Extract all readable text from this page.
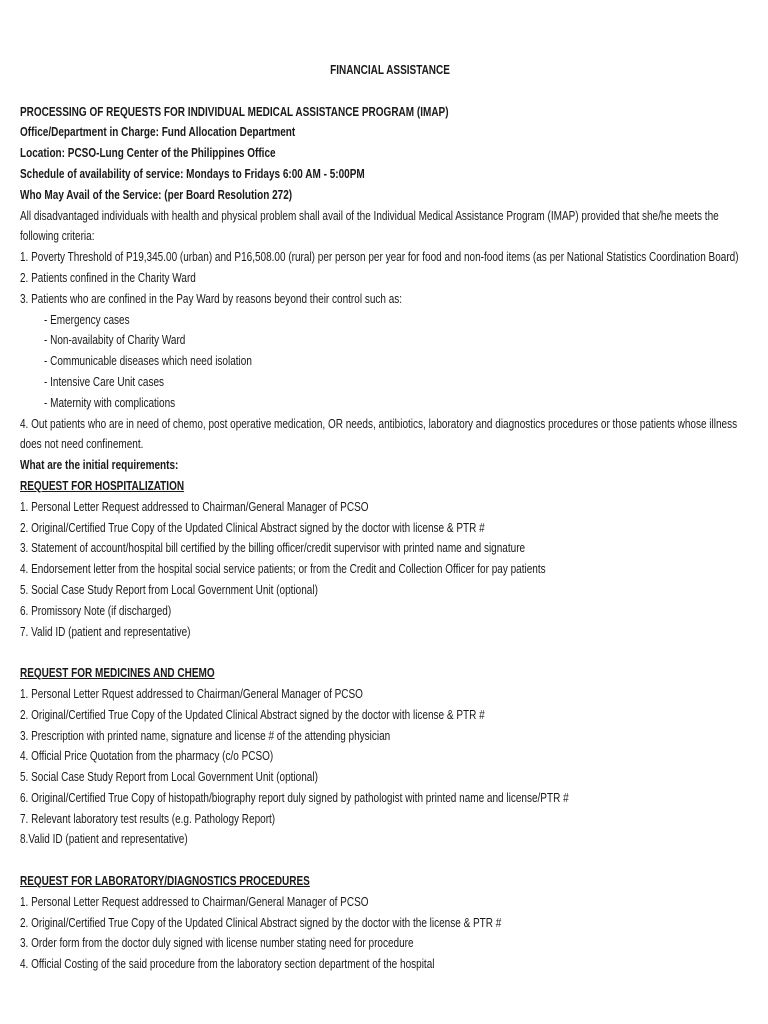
FINANCIAL ASSISTANCE
PROCESSING OF REQUESTS FOR INDIVIDUAL MEDICAL ASSISTANCE PROGRAM (IMAP)
Office/Department in Charge: Fund Allocation Department
Location: PCSO-Lung Center of the Philippines Office
Schedule of availability of service: Mondays to Fridays 6:00 AM - 5:00PM
Who May Avail of the Service: (per Board Resolution 272)
All disadvantaged individuals with health and physical problem shall avail of the Individual Medical Assistance Program (IMAP) provided that she/he meets the
following criteria:
1. Poverty Threshold of P19,345.00 (urban) and P16,508.00 (rural) per person per year for food and non-food items (as per National Statistics Coordination Board)
2. Patients confined in the Charity Ward
3. Patients who are confined in the Pay Ward by reasons beyond their control such as:
- Emergency cases
- Non-availabity of Charity Ward
- Communicable diseases which need isolation
- Intensive Care Unit cases
- Maternity with complications
4. Out patients who are in need of chemo, post operative medication, OR needs, antibiotics, laboratory and diagnostics procedures or those patients whose illness
does not need confinement.
What are the initial requirements:
REQUEST FOR HOSPITALIZATION
1. Personal Letter Request addressed to Chairman/General Manager of PCSO
2. Original/Certified True Copy of the Updated Clinical Abstract signed by the doctor with license & PTR #
3. Statement of account/hospital bill certified by the billing officer/credit supervisor with printed name and signature
4. Endorsement letter from the hospital social service patients; or from the Credit and Collection Officer for pay patients
5. Social Case Study Report from Local Government Unit (optional)
6. Promissory Note (if discharged)
7. Valid ID (patient and representative)
REQUEST FOR MEDICINES AND CHEMO
1. Personal Letter Rquest addressed to Chairman/General Manager of PCSO
2. Original/Certified True Copy of the Updated Clinical Abstract signed by the doctor with license & PTR #
3. Prescription with printed name, signature and license # of the attending physician
4. Official Price Quotation from the pharmacy (c/o PCSO)
5. Social Case Study Report from Local Government Unit (optional)
6. Original/Certified True Copy of histopath/biography report duly signed by pathologist with printed name and license/PTR #
7. Relevant laboratory test results (e.g. Pathology Report)
8.Valid ID (patient and representative)
REQUEST FOR LABORATORY/DIAGNOSTICS PROCEDURES
1. Personal Letter Request addressed to Chairman/General Manager of PCSO
2. Original/Certified True Copy of the Updated Clinical Abstract signed by the doctor with the license & PTR #
3. Order form from the doctor duly signed with license number stating need for procedure
4. Official Costing of the said procedure from the laboratory section department of the hospital
